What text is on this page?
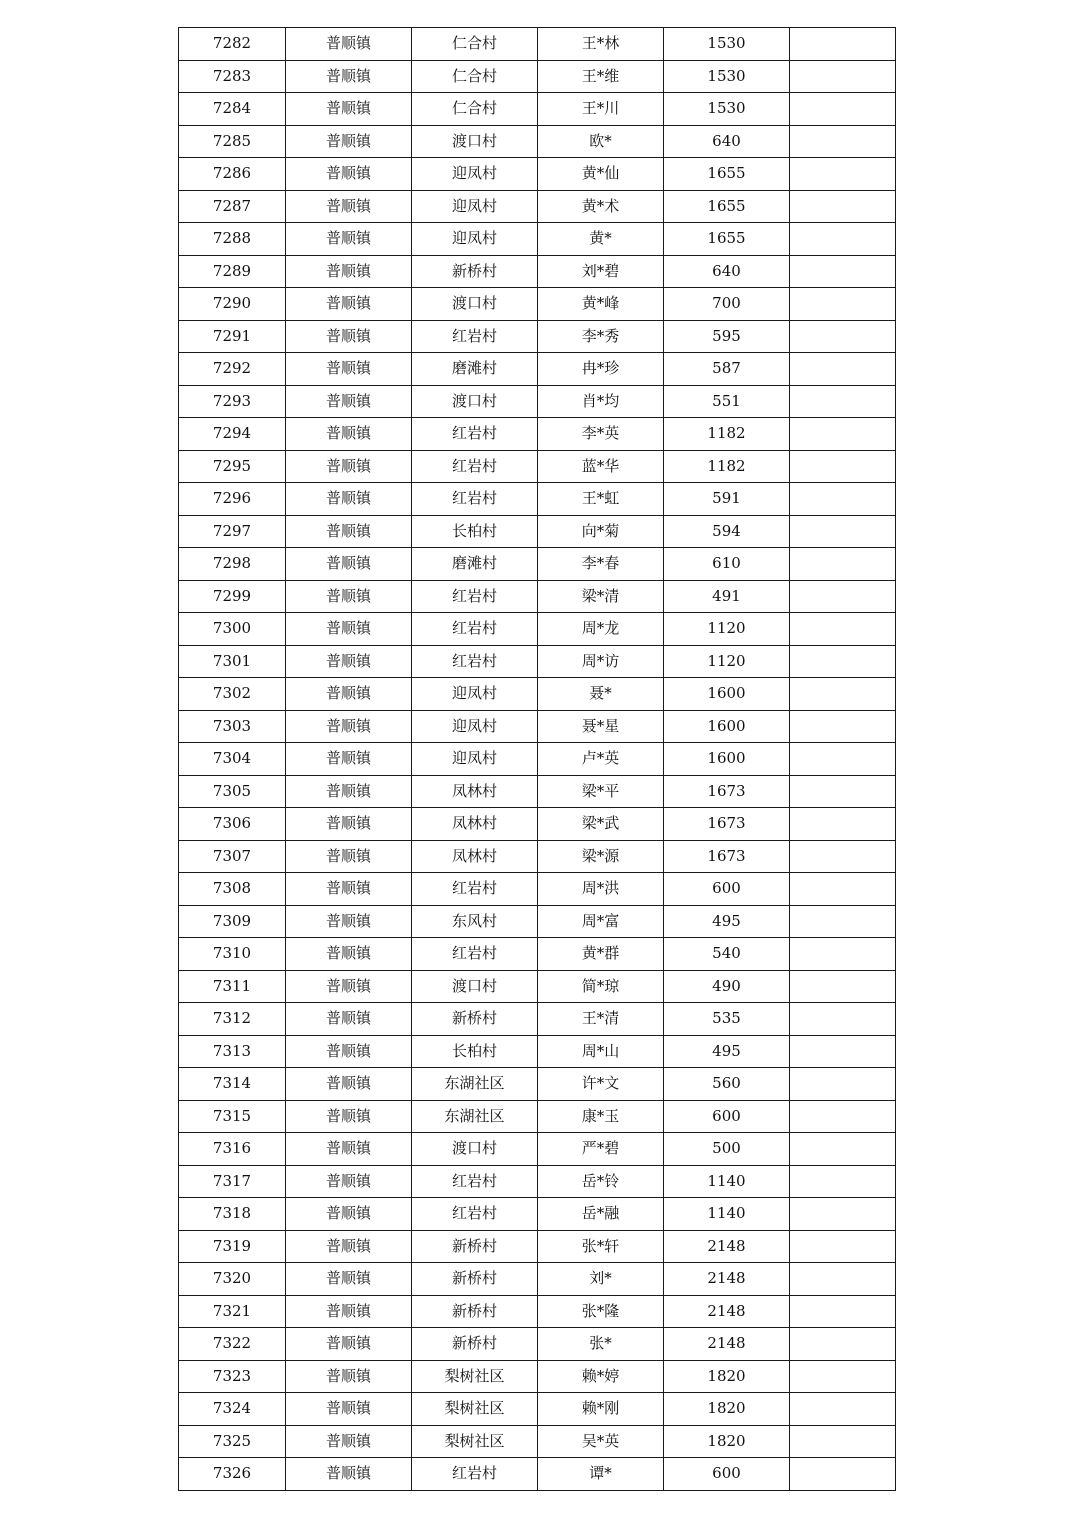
7282	普顺镇	仁合村	王*林	1530	
7283	普顺镇	仁合村	王*维	1530	
7284	普顺镇	仁合村	王*川	1530	
7285	普顺镇	渡口村	欧*	640	
7286	普顺镇	迎凤村	黄*仙	1655	
7287	普顺镇	迎凤村	黄*术	1655	
7288	普顺镇	迎凤村	黄*	1655	
7289	普顺镇	新桥村	刘*碧	640	
7290	普顺镇	渡口村	黄*峰	700	
7291	普顺镇	红岩村	李*秀	595	
7292	普顺镇	磨滩村	冉*珍	587	
7293	普顺镇	渡口村	肖*均	551	
7294	普顺镇	红岩村	李*英	1182	
7295	普顺镇	红岩村	蓝*华	1182	
7296	普顺镇	红岩村	王*虹	591	
7297	普顺镇	长柏村	向*菊	594	
7298	普顺镇	磨滩村	李*春	610	
7299	普顺镇	红岩村	梁*清	491	
7300	普顺镇	红岩村	周*龙	1120	
7301	普顺镇	红岩村	周*访	1120	
7302	普顺镇	迎凤村	聂*	1600	
7303	普顺镇	迎凤村	聂*星	1600	
7304	普顺镇	迎凤村	卢*英	1600	
7305	普顺镇	凤林村	梁*平	1673	
7306	普顺镇	凤林村	梁*武	1673	
7307	普顺镇	凤林村	梁*源	1673	
7308	普顺镇	红岩村	周*洪	600	
7309	普顺镇	东风村	周*富	495	
7310	普顺镇	红岩村	黄*群	540	
7311	普顺镇	渡口村	简*琼	490	
7312	普顺镇	新桥村	王*清	535	
7313	普顺镇	长柏村	周*山	495	
7314	普顺镇	东湖社区	许*文	560	
7315	普顺镇	东湖社区	康*玉	600	
7316	普顺镇	渡口村	严*碧	500	
7317	普顺镇	红岩村	岳*铃	1140	
7318	普顺镇	红岩村	岳*融	1140	
7319	普顺镇	新桥村	张*轩	2148	
7320	普顺镇	新桥村	刘*	2148	
7321	普顺镇	新桥村	张*隆	2148	
7322	普顺镇	新桥村	张*	2148	
7323	普顺镇	梨树社区	赖*婷	1820	
7324	普顺镇	梨树社区	赖*刚	1820	
7325	普顺镇	梨树社区	吴*英	1820	
7326	普顺镇	红岩村	谭*	600	
